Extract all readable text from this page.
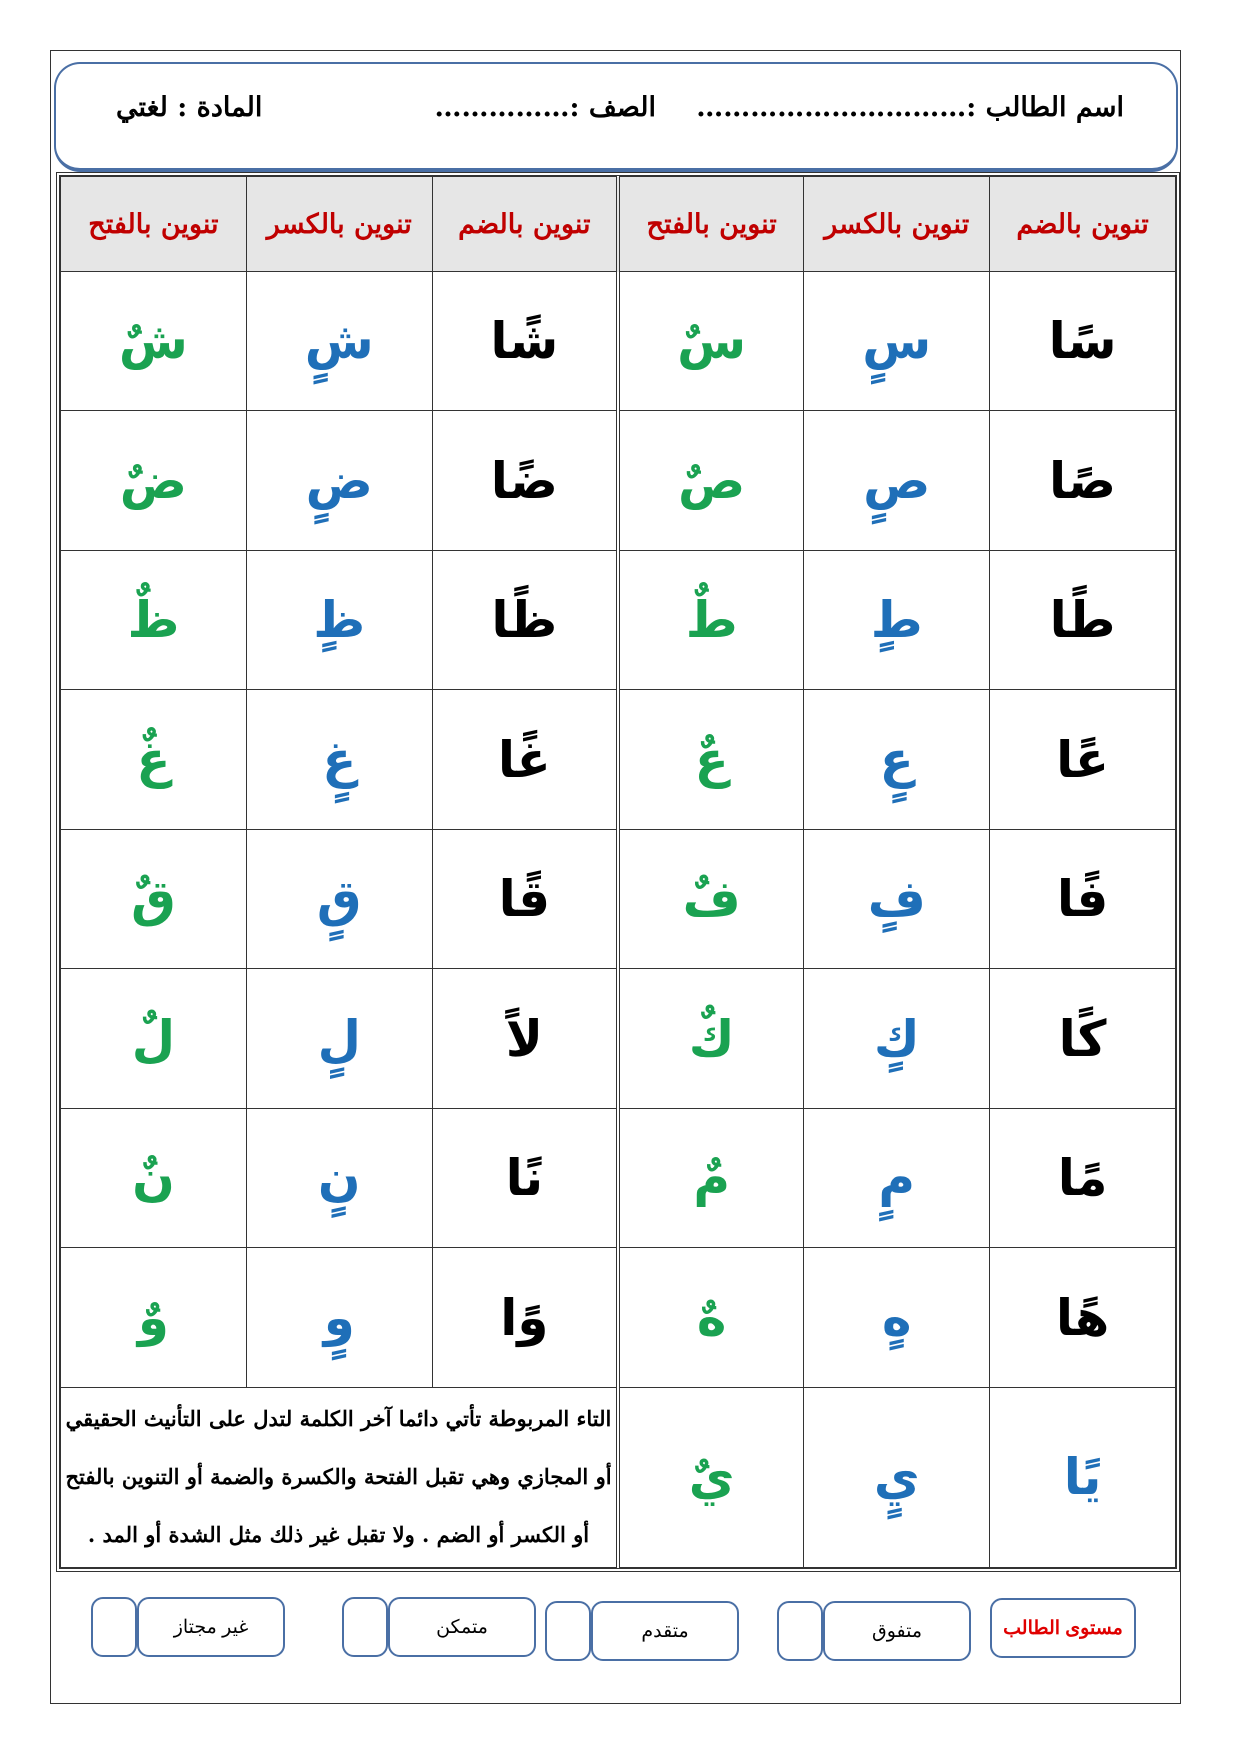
اسم الطالب :…………………………
الصف :……………
المادة : لغتي
تنوين بالضم	تنوين بالكسر	تنوين بالفتح	تنوين بالضم	تنوين بالكسر	تنوين بالفتح
سًا	سٍ	سٌ	شًا	شٍ	شٌ
صًا	صٍ	صٌ	ضًا	ضٍ	ضٌ
طًا	طٍ	طٌ	ظًا	ظٍ	ظٌ
عًا	عٍ	عٌ	غًا	غٍ	غٌ
فًا	فٍ	فٌ	قًا	قٍ	قٌ
كًا	كٍ	كٌ	لاً	لٍ	لٌ
مًا	مٍ	مٌ	نًا	نٍ	نٌ
هًا	هٍ	هٌ	وًا	وٍ	وٌ
يًا	يٍ	يٌ	التاء المربوطة تأتي دائما آخر الكلمة لتدل على التأنيث الحقيقي أو المجازي وهي تقبل الفتحة والكسرة والضمة أو التنوين بالفتح أو الكسر أو الضم . ولا تقبل غير ذلك مثل الشدة أو المد .		
مستوى الطالب
متفوق
متقدم
متمكن
غير مجتاز
